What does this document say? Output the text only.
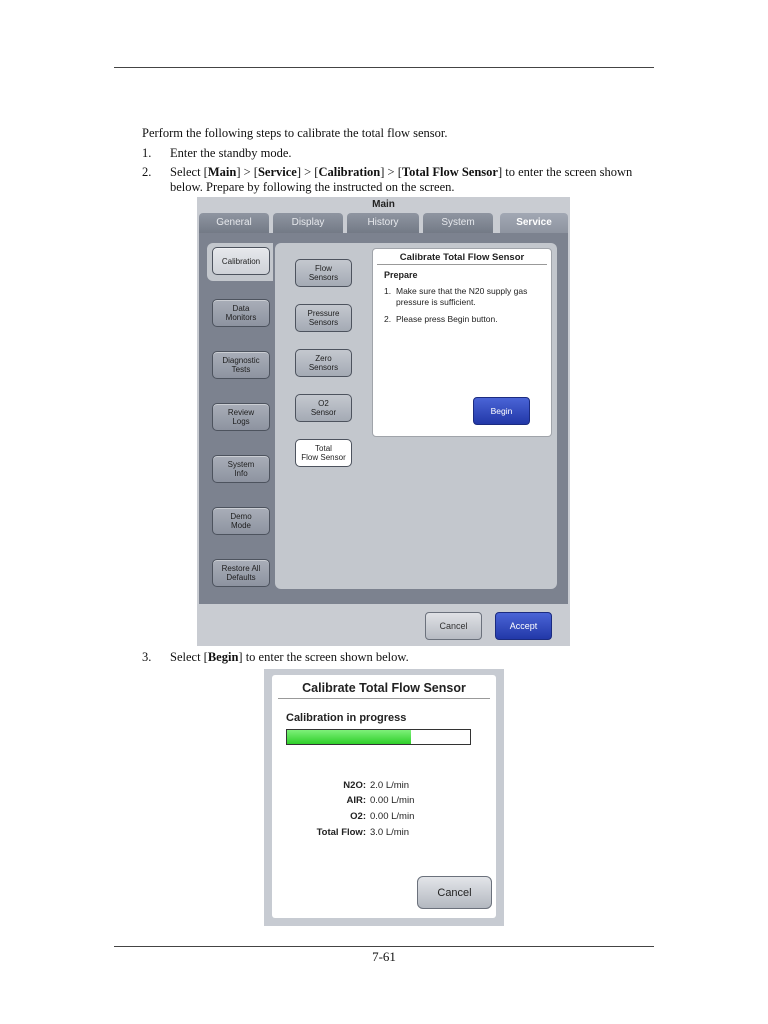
Perform the following steps to calibrate the total flow sensor.
1. Enter the standby mode.
2. Select [Main] > [Service] > [Calibration] > [Total Flow Sensor] to enter the screen shown below. Prepare by following the instructed on the screen.
Main
General	Display	History	System	Service
Calibration
Data
Monitors
Diagnostic
Tests
Review
Logs
System
Info
Demo
Mode
Restore All
Defaults
Flow
Sensors
Pressure
Sensors
Zero
Sensors
O2
Sensor
Total
Flow Sensor
Calibrate Total Flow Sensor
Prepare
1. Make sure that the N20 supply gas pressure is sufficient.
2. Please press Begin button.
Begin
Cancel	Accept
3. Select [Begin] to enter the screen shown below.
Calibrate Total Flow Sensor
Calibration in progress
N2O: 2.0 L/min
AIR: 0.00 L/min
O2: 0.00 L/min
Total Flow: 3.0 L/min
Cancel
7-61
